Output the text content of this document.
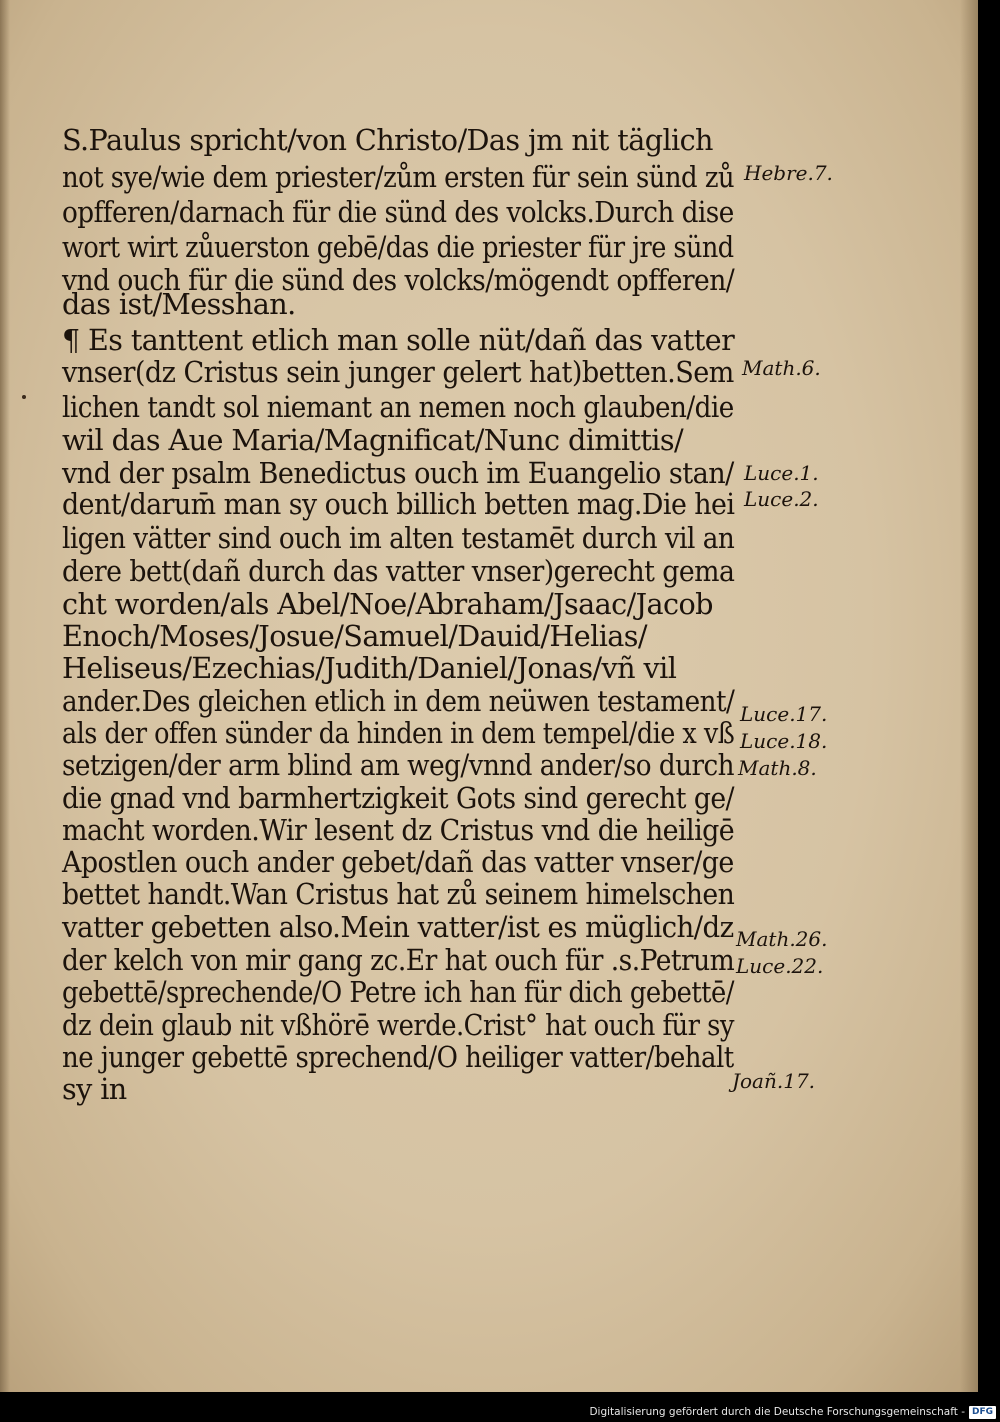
S.Paulus spricht/von Christo/Das jm nit täglich
not sye/wie dem priester/zům ersten für sein sünd zů
opfferen/darnach für die sünd des volcks.Durch dise
wort wirt zůuerston gebē/das die priester für jre sünd
vnd ouch für die sünd des volcks/mögendt opfferen/
das ist/Messhan.
¶ Es tanttent etlich man solle nüt/dañ das vatter
vnser(dz Cristus sein junger gelert hat)betten.Sem
lichen tandt sol niemant an nemen noch glauben/die
wil das Aue Maria/Magnificat/Nunc dimittis/
vnd der psalm Benedictus ouch im Euangelio stan/
dent/darum̄ man sy ouch billich betten mag.Die hei
ligen vätter sind ouch im alten testamēt durch vil an
dere bett(dañ durch das vatter vnser)gerecht gema
cht worden/als Abel/Noe/Abraham/Jsaac/Jacob
Enoch/Moses/Josue/Samuel/Dauid/Helias/
Heliseus/Ezechias/Judith/Daniel/Jonas/vñ vil
ander.Des gleichen etlich in dem neüwen testament/
als der offen sünder da hinden in dem tempel/die x vß
setzigen/der arm blind am weg/vnnd ander/so durch
die gnad vnd barmhertzigkeit Gots sind gerecht ge/
macht worden.Wir lesent dz Cristus vnd die heiligē
Apostlen ouch ander gebet/dañ das vatter vnser/ge
bettet handt.Wan Cristus hat zů seinem himelschen
vatter gebetten also.Mein vatter/ist es müglich/dz
der kelch von mir gang zc.Er hat ouch für .s.Petrum
gebettē/sprechende/O Petre ich han für dich gebettē/
dz dein glaub nit vßhörē werde.Crist° hat ouch für sy
ne junger gebettē sprechend/O heiliger vatter/behalt
sy in
Hebre.7.
Math.6.
Luce.1.
Luce.2.
Luce.17.
Luce.18.
Math.8.
Math.26.
Luce.22.
Joañ.17.
Digitalisierung gefördert durch die Deutsche Forschungsgemeinschaft - DFG
